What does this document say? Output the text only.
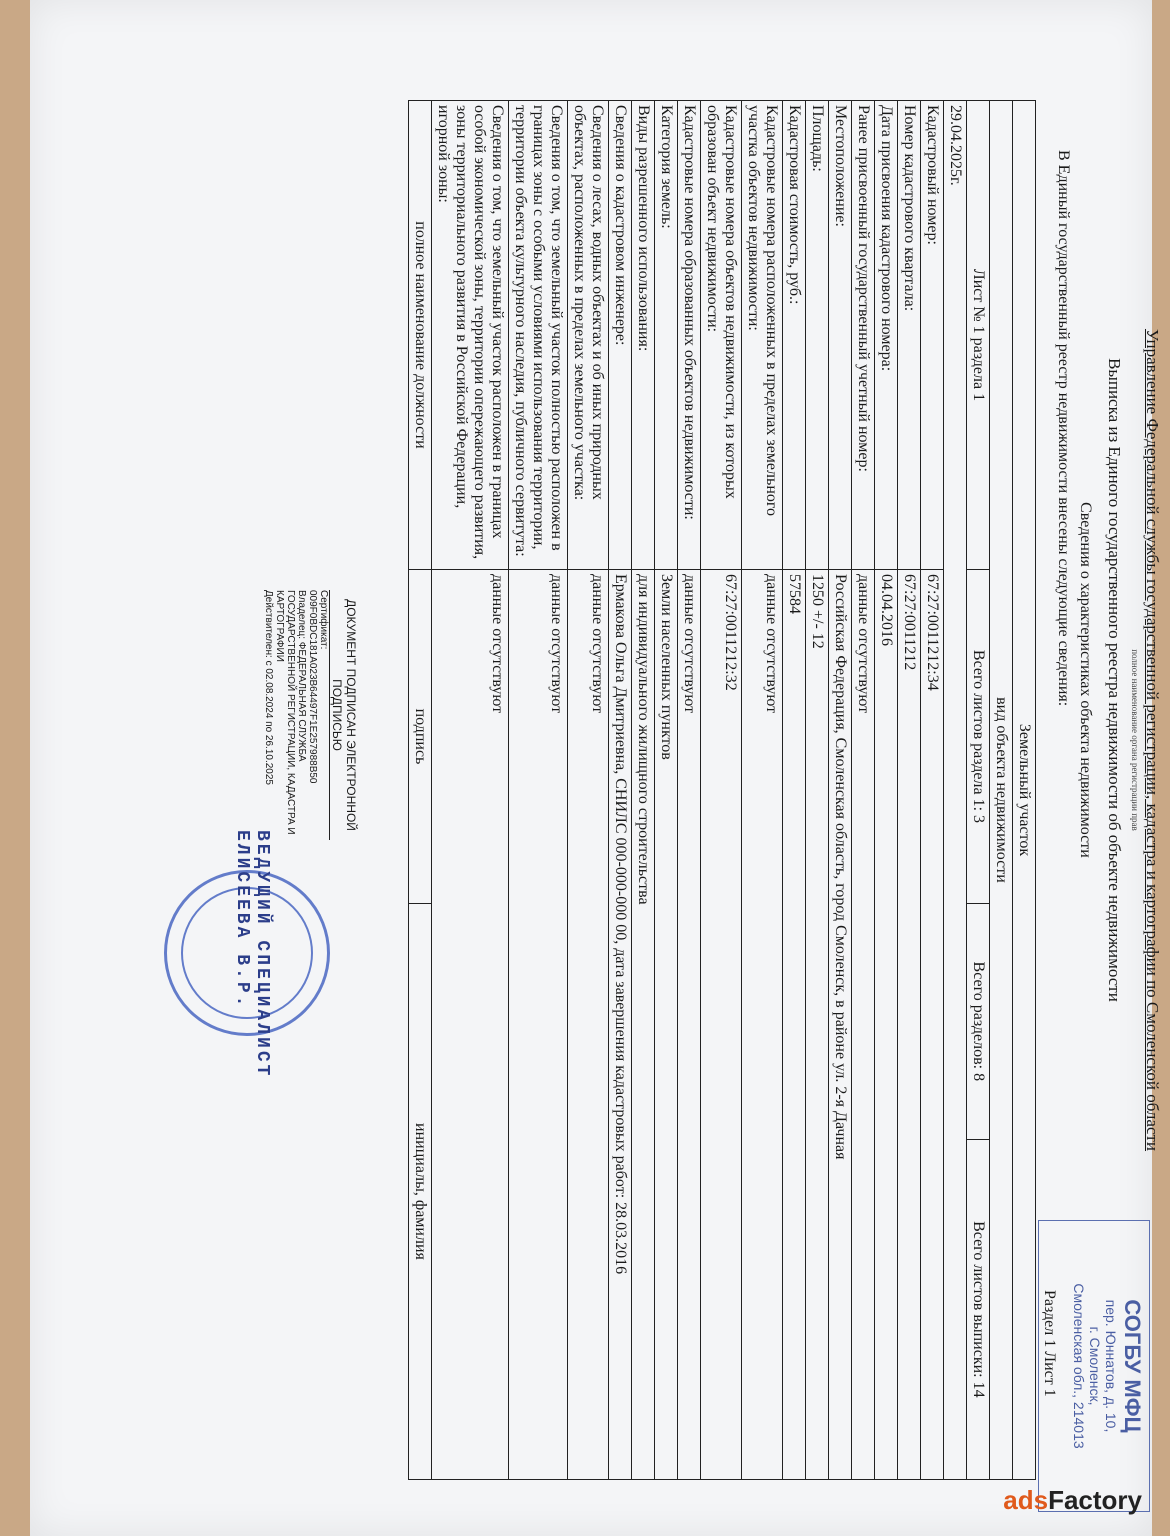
Управление Федеральной службы государственной регистрации, кадастра и картографии по Смоленской области
полное наименование органа регистрации прав
Выписка из Единого государственного реестра недвижимости об объекте недвижимости
Сведения о характеристиках объекта недвижимости
В Единый государственный реестр недвижимости внесены следующие сведения:
Раздел 1 Лист 1	СОГБУ МФЦ
пер. Юннатов, д. 10,
г. Смоленск,
Смоленская обл., 214013
Земельный участок			
вид объекта недвижимости			
Лист № 1 раздела 1	Всего листов раздела 1: 3	Всего разделов: 8	Всего листов выписки: 14
29.04.2025г.			
Кадастровый номер:	67:27:0011212:34		
Номер кадастрового квартала:	67:27:0011212		
Дата присвоения кадастрового номера:	04.04.2016		
Ранее присвоенный государственный учетный номер:	данные отсутствуют		
Местоположение:	Российская Федерация, Смоленская область, город Смоленск, в районе ул. 2-я Дачная		
Площадь:	1250 +/- 12		
Кадастровая стоимость, руб.:	57584		
Кадастровые номера расположенных в пределах земельного участка объектов недвижимости:	данные отсутствуют		
Кадастровые номера объектов недвижимости, из которых образован объект недвижимости:	67:27:0011212:32		
Кадастровые номера образованных объектов недвижимости:	данные отсутствуют		
Категория земель:	Земли населенных пунктов		
Виды разрешенного использования:	для индивидуального жилищного строительства		
Сведения о кадастровом инженере:	Ермакова Ольга Дмитриевна, СНИЛС 000-000-000 00, дата завершения кадастровых работ: 28.03.2016		
Сведения о лесах, водных объектах и об иных природных объектах, расположенных в пределах земельного участка:	данные отсутствуют		
Сведения о том, что земельный участок полностью расположен в границах зоны с особыми условиями использования территории, территории объекта культурного наследия, публичного сервитута:	данные отсутствуют		
Сведения о том, что земельный участок расположен в границах особой экономической зоны, территории опережающего развития, зоны территориального развития в Российской Федерации, игорной зоны:	данные отсутствуют		
полное наименование должности	подпись	инициалы, фамилия	
ДОКУМЕНТ ПОДПИСАН ЭЛЕКТРОННОЙ ПОДПИСЬЮ
Сертификат: 009F0BDC181A023B64497F1E257988B50
Владелец: ФЕДЕРАЛЬНАЯ СЛУЖБА ГОСУДАРСТВЕННОЙ РЕГИСТРАЦИИ, КАДАСТРА И КАРТОГРАФИИ
Действителен: с 02.08.2024 по 26.10.2025
ВЕДУЩИЙ СПЕЦИАЛИСТ
ЕЛИСЕЕВА В.Р.
adsFactory
